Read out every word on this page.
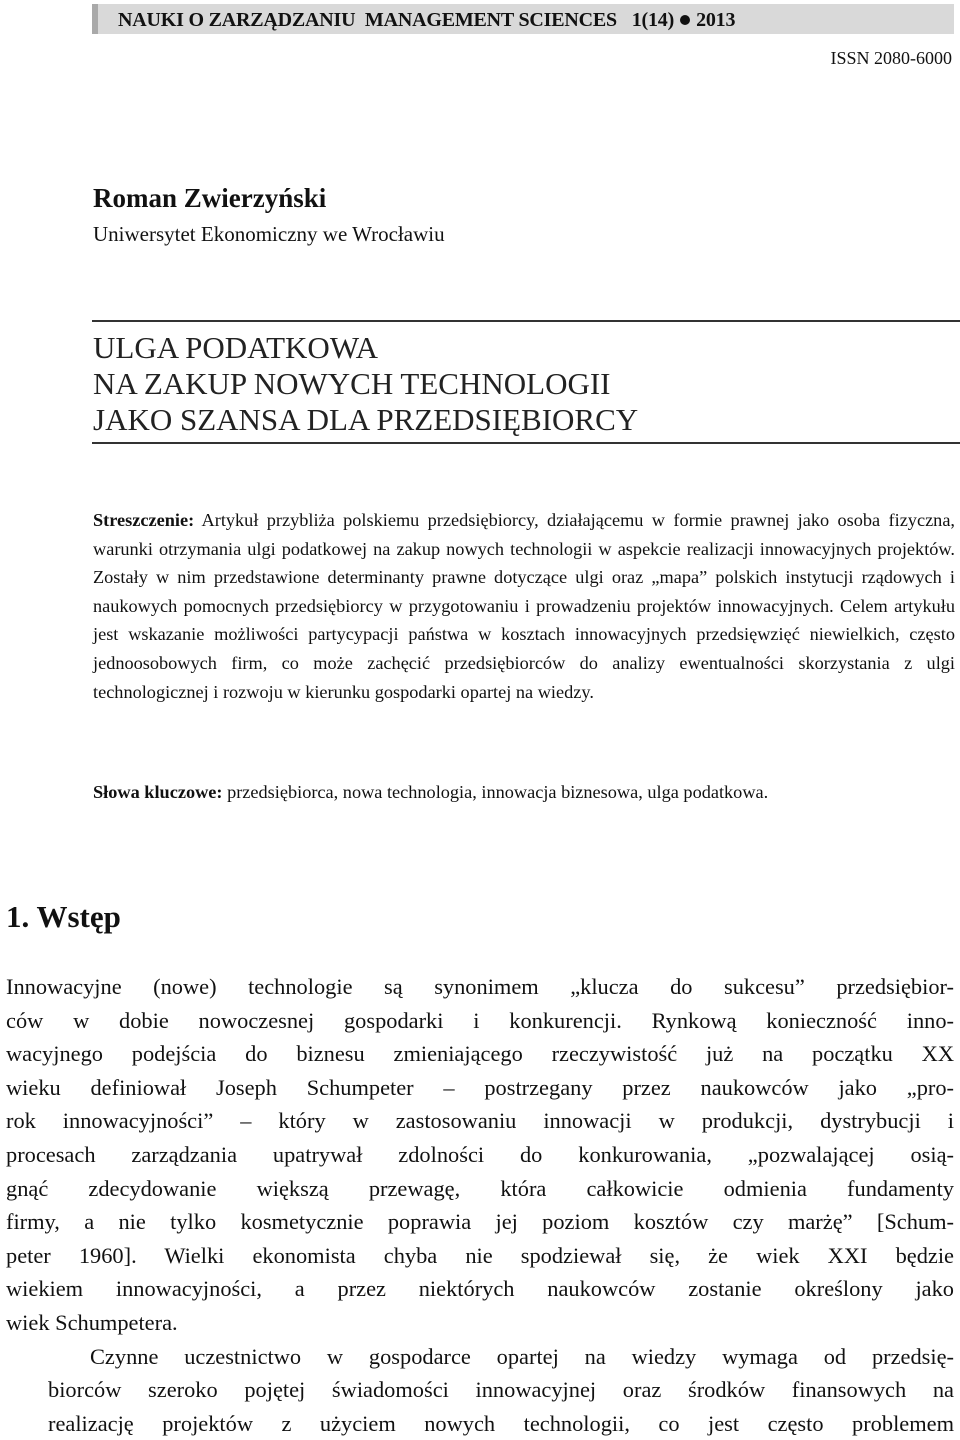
NAUKI O ZARZĄDZANIU  MANAGEMENT SCIENCES 1(14) 2013
ISSN 2080-6000
Roman Zwierzyński
Uniwersytet Ekonomiczny we Wrocławiu
ULGA PODATKOWA
NA ZAKUP NOWYCH TECHNOLOGII
JAKO SZANSA DLA PRZEDSIĘBIORCY
Streszczenie: Artykuł przybliża polskiemu przedsiębiorcy, działającemu w formie prawnej jako osoba fizyczna, warunki otrzymania ulgi podatkowej na zakup nowych technologii w aspekcie realizacji innowacyjnych projektów. Zostały w nim przedstawione determinanty prawne dotyczące ulgi oraz „mapa” polskich instytucji rządowych i naukowych pomocnych przedsiębiorcy w przygotowaniu i prowadzeniu projektów innowacyjnych. Celem artykułu jest wskazanie możliwości partycypacji państwa w kosztach innowacyjnych przedsięwzięć niewielkich, często jednoosobowych firm, co może zachęcić przedsiębiorców do analizy ewentualności skorzystania z ulgi technologicznej i rozwoju w kierunku gospodarki opartej na wiedzy.
Słowa kluczowe: przedsiębiorca, nowa technologia, innowacja biznesowa, ulga podatkowa.
1. Wstęp
Innowacyjne (nowe) technologie są synonimem „klucza do sukcesu” przedsiębior-
ców w dobie nowoczesnej gospodarki i konkurencji. Rynkową konieczność inno-
wacyjnego podejścia do biznesu zmieniającego rzeczywistość już na początku XX
wieku definiował Joseph Schumpeter – postrzegany przez naukowców jako „pro-
rok innowacyjności” – który w zastosowaniu innowacji w produkcji, dystrybucji i
procesach zarządzania upatrywał zdolności do konkurowania, „pozwalającej osią-
gnąć zdecydowanie większą przewagę, która całkowicie odmienia fundamenty
firmy, a nie tylko kosmetycznie poprawia jej poziom kosztów czy marżę” [Schum-
peter 1960]. Wielki ekonomista chyba nie spodziewał się, że wiek XXI będzie
wiekiem innowacyjności, a przez niektórych naukowców zostanie określony jako
wiek Schumpetera.
Czynne uczestnictwo w gospodarce opartej na wiedzy wymaga od przedsię-
biorców szeroko pojętej świadomości innowacyjnej oraz środków finansowych na
realizację projektów z użyciem nowych technologii, co jest często problemem
